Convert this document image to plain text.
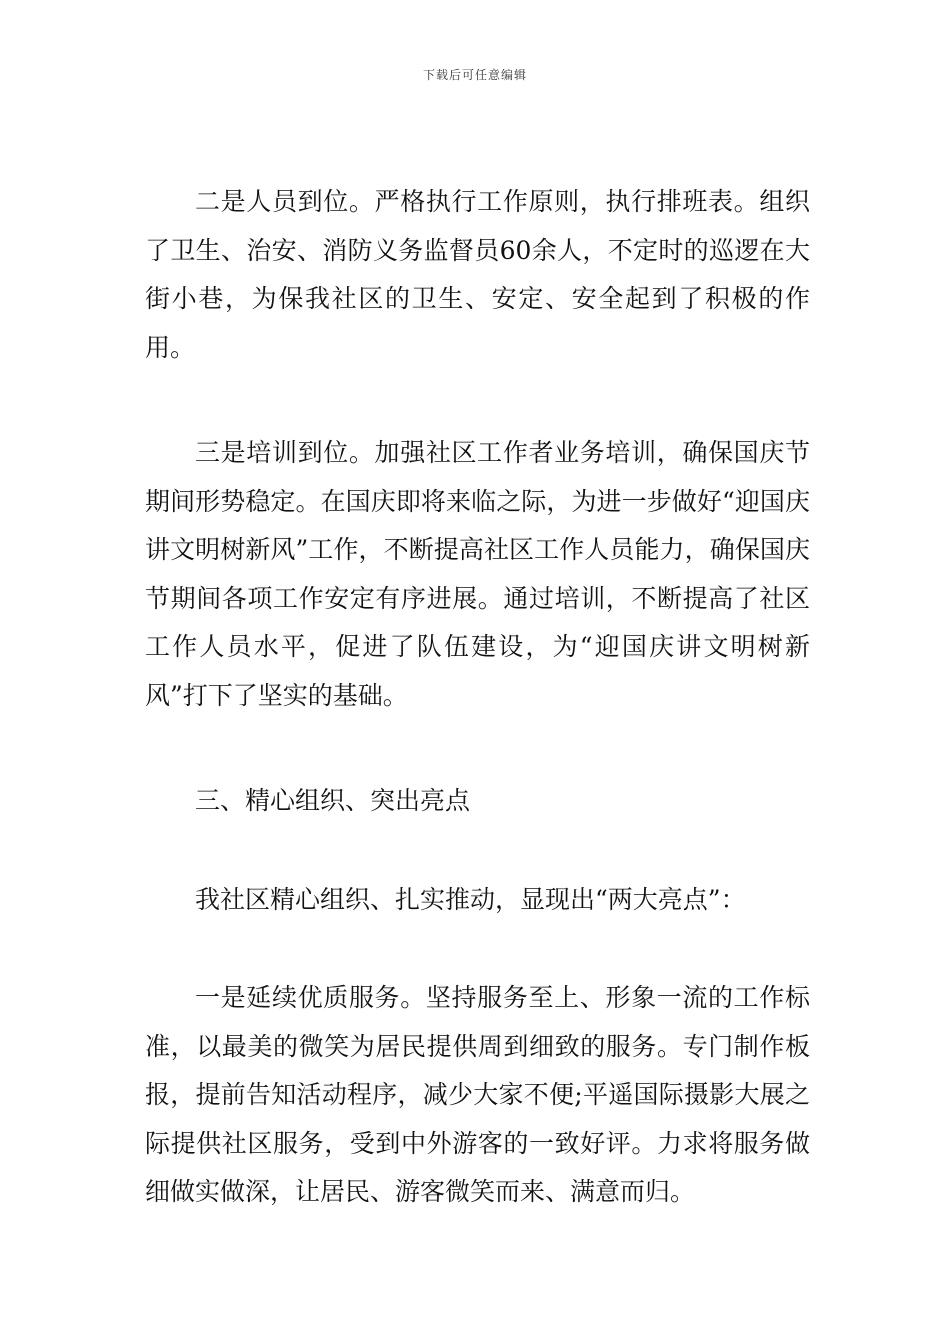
下载后可任意编辑

二是人员到位。严格执行工作原则，执行排班表。组织了卫生、治安、消防义务监督员60余人，不定时的巡逻在大街小巷，为保我社区的卫生、安定、安全起到了积极的作用。

三是培训到位。加强社区工作者业务培训，确保国庆节期间形势稳定。在国庆即将来临之际，为进一步做好“迎国庆讲文明树新风”工作，不断提高社区工作人员能力，确保国庆节期间各项工作安定有序进展。通过培训，不断提高了社区工作人员水平，促进了队伍建设，为“迎国庆讲文明树新风”打下了坚实的基础。

三、精心组织、突出亮点

我社区精心组织、扎实推动，显现出“两大亮点”：

一是延续优质服务。坚持服务至上、形象一流的工作标准，以最美的微笑为居民提供周到细致的服务。专门制作板报，提前告知活动程序，减少大家不便;平遥国际摄影大展之际提供社区服务，受到中外游客的一致好评。力求将服务做细做实做深，让居民、游客微笑而来、满意而归。
